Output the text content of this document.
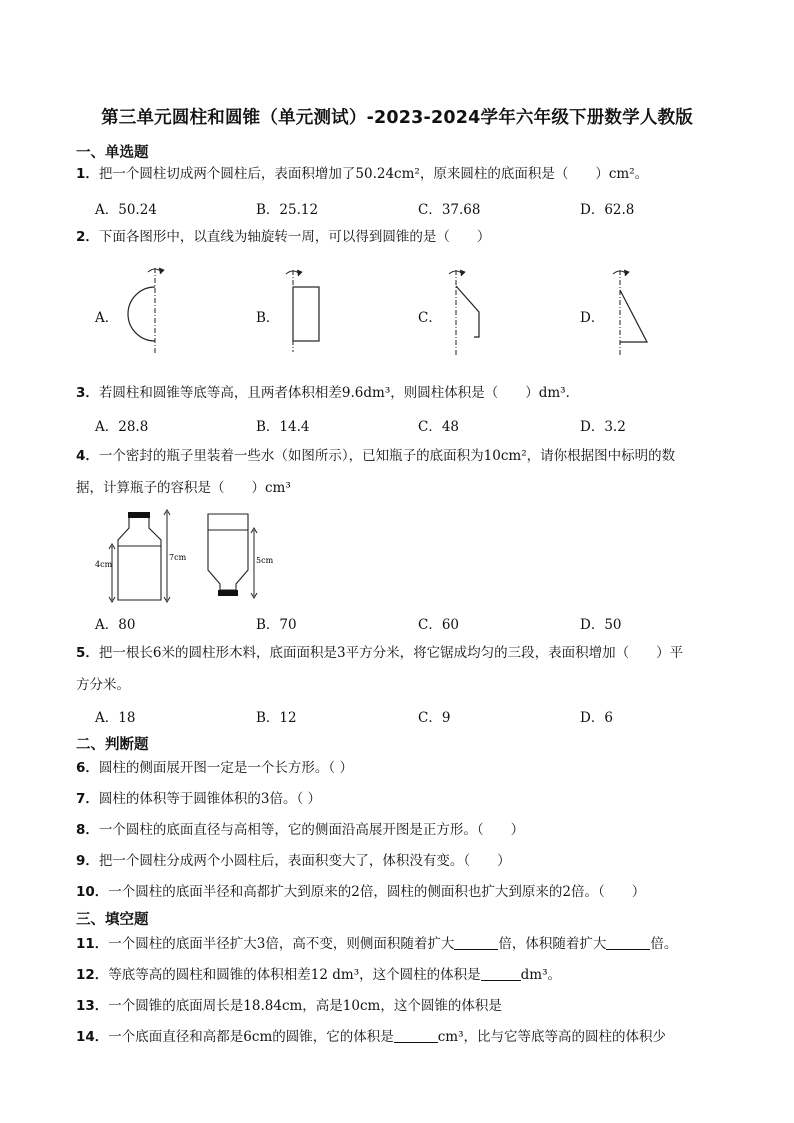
第三单元圆柱和圆锥（单元测试）-2023-2024学年六年级下册数学人教版
一、单选题
1．把一个圆柱切成两个圆柱后，表面积增加了50.24cm²，原来圆柱的底面积是（　　）cm²。
A．50.24	B．25.12	C．37.68	D．62.8
2．下面各图形中，以直线为轴旋转一周，可以得到圆锥的是（　　）
A．	B．	C．	D．
3．若圆柱和圆锥等底等高，且两者体积相差9.6dm³，则圆柱体积是（　　）dm³．
A．28.8	B．14.4	C．48	D．3.2
4．一个密封的瓶子里装着一些水（如图所示），已知瓶子的底面积为10cm²，请你根据图中标明的数
据，计算瓶子的容积是（　　）cm³
4cm
7cm	5cm
A．80	B．70	C．60	D．50
5．把一根长6米的圆柱形木料，底面面积是3平方分米，将它锯成均匀的三段，表面积增加（　　）平
方分米。
A．18	B．12	C．9	D．6
二、判断题
6．圆柱的侧面展开图一定是一个长方形。（ ）
7．圆柱的体积等于圆锥体积的3倍。（ ）
8．一个圆柱的底面直径与高相等，它的侧面沿高展开图是正方形。（　　）
9．把一个圆柱分成两个小圆柱后，表面积变大了，体积没有变。（　　）
10．一个圆柱的底面半径和高都扩大到原来的2倍，圆柱的侧面积也扩大到原来的2倍。（　　）
三、填空题
11．一个圆柱的底面半径扩大3倍，高不变，则侧面积随着扩大	倍，体积随着扩大	倍。
12．等底等高的圆柱和圆锥的体积相差12 dm³，这个圆柱的体积是	dm³。
13．一个圆锥的底面周长是18.84cm，高是10cm，这个圆锥的体积是
14．一个底面直径和高都是6cm的圆锥，它的体积是	cm³，比与它等底等高的圆柱的体积少
